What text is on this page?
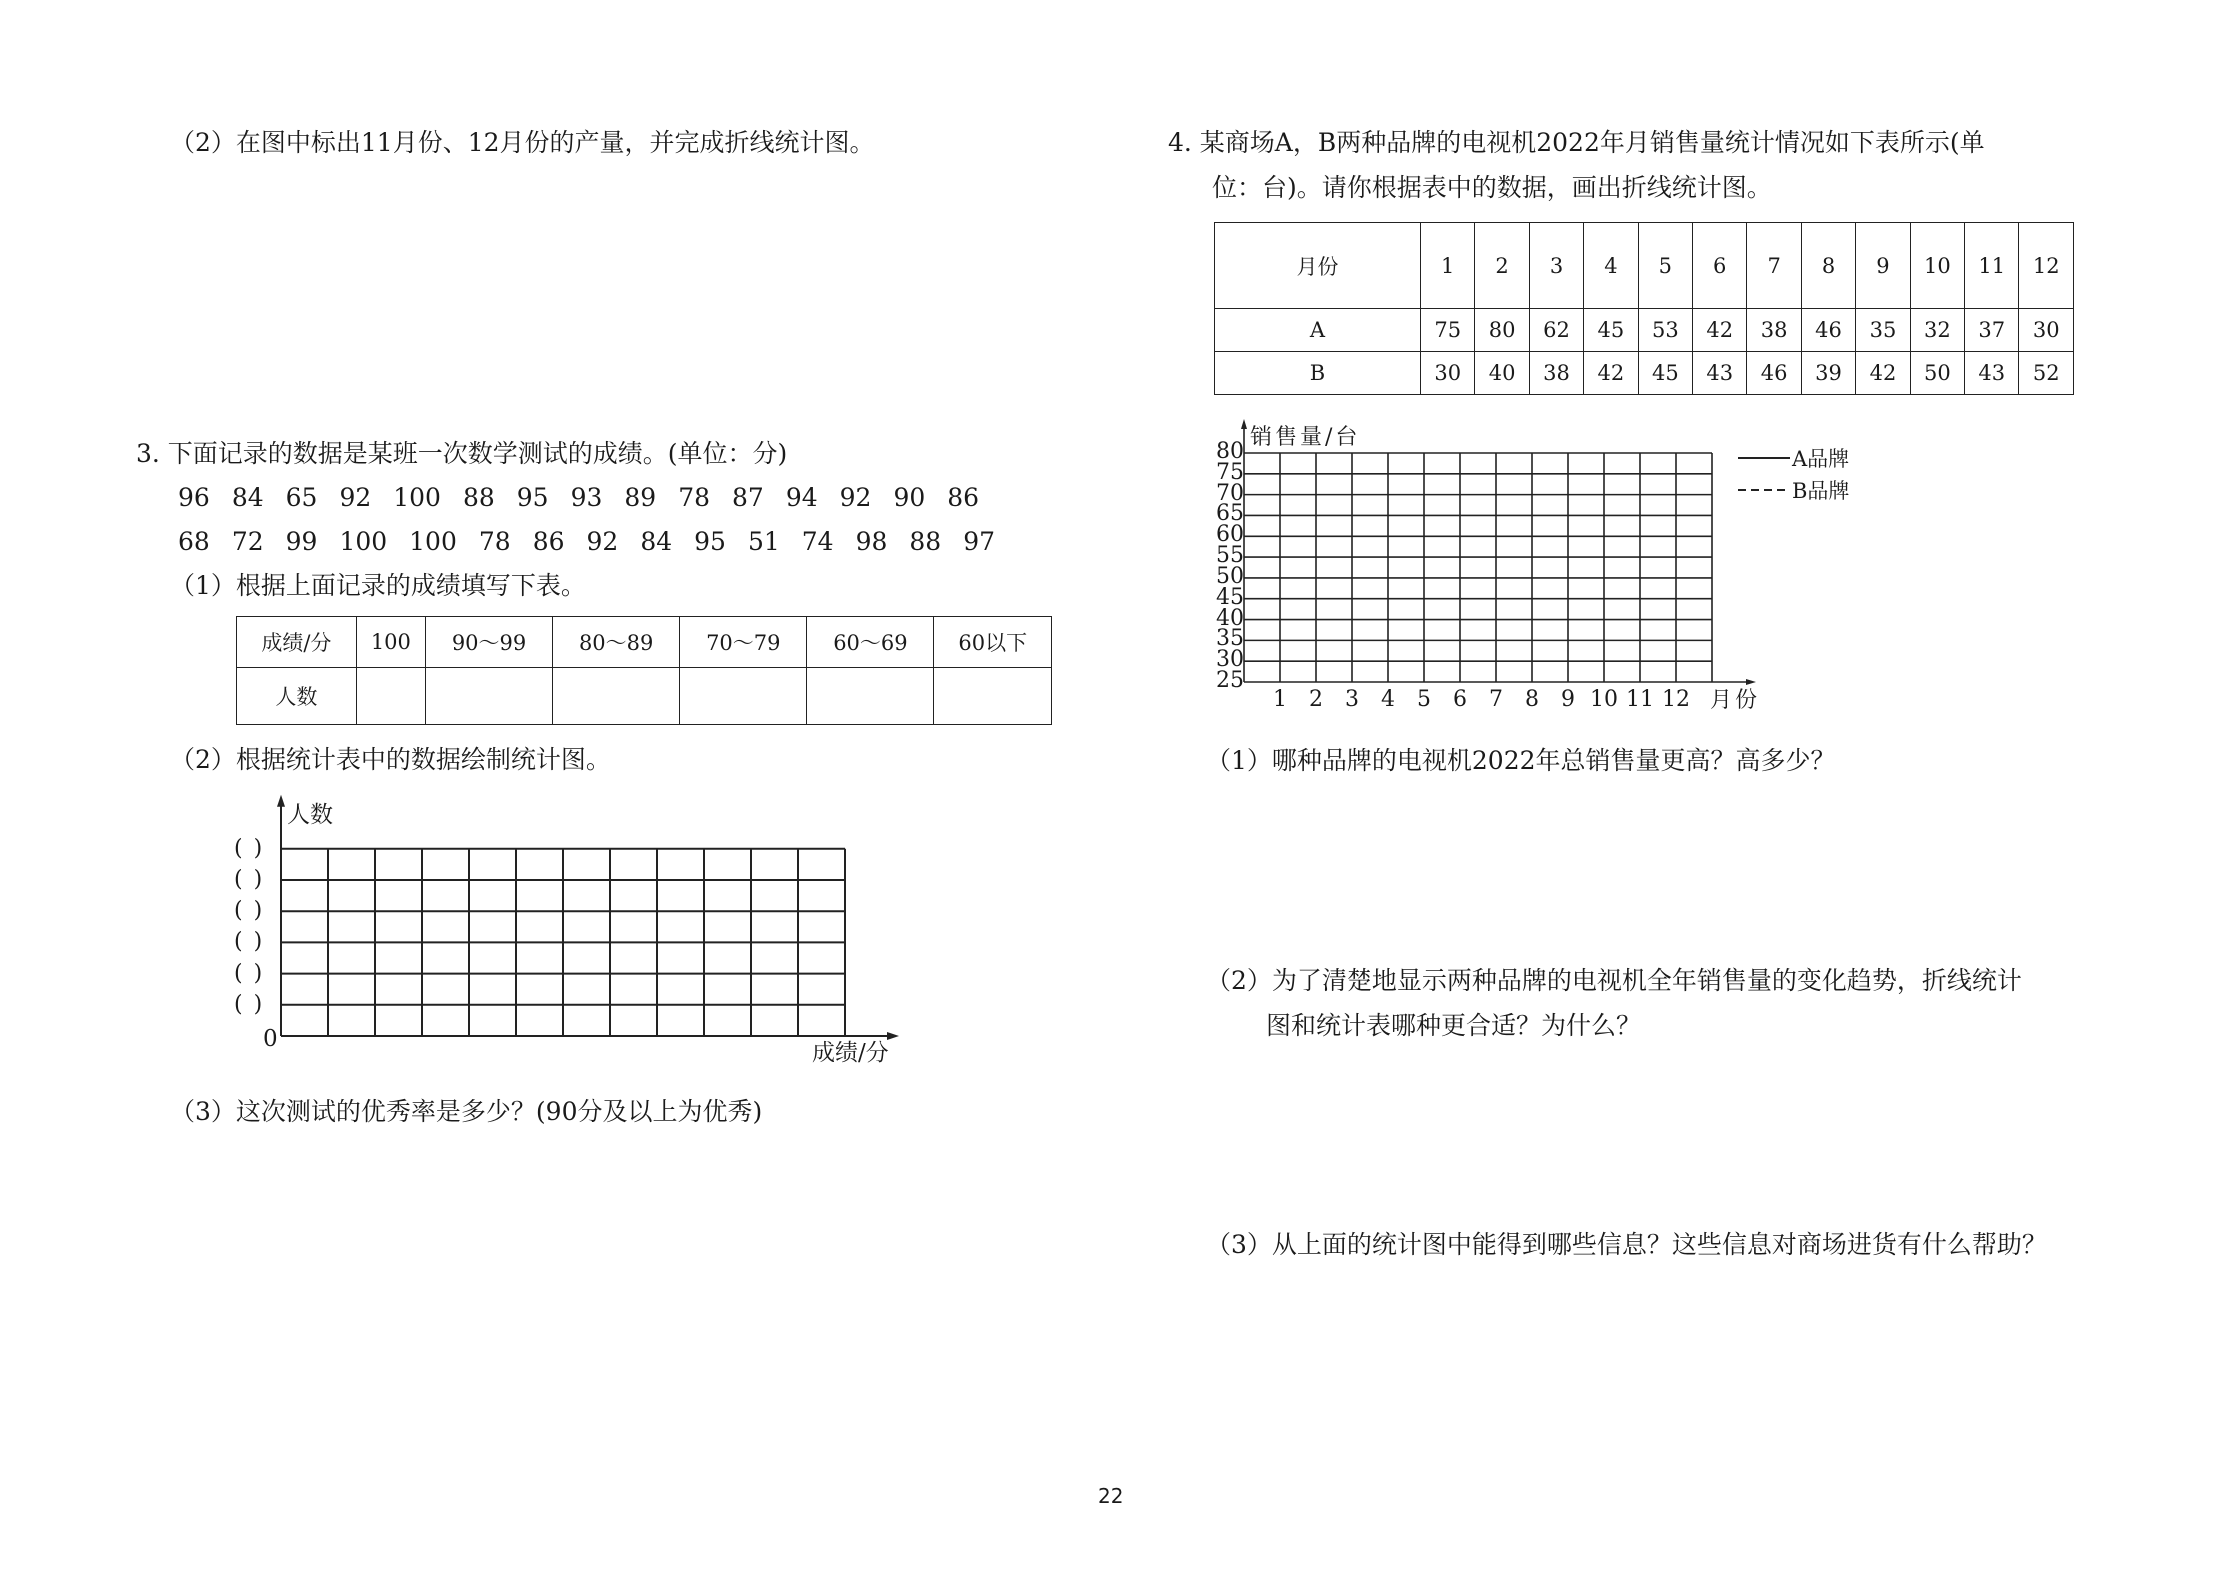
（2）在图中标出11月份、12月份的产量，并完成折线统计图。
3. 下面记录的数据是某班一次数学测试的成绩。(单位：分)
96 84 65 92 100 88 95 93 89 78 87 94 92 90 86
68 72 99 100 100 78 86 92 84 95 51 74 98 88 97
（1）根据上面记录的成绩填写下表。
成绩/分	100	90～99	80～89	70～79	60～69	60以下
人数						
（2）根据统计表中的数据绘制统计图。
人数
成绩/分
0
( )
( )
( )
( )
( )
( )
（3）这次测试的优秀率是多少？(90分及以上为优秀)
4. 某商场A，B两种品牌的电视机2022年月销售量统计情况如下表所示(单
位：台)。请你根据表中的数据，画出折线统计图。
月份	1	2	3	4	5	6	7	8	9	10	11	12
A	75	80	62	45	53	42	38	46	35	32	37	30
B	30	40	38	42	45	43	46	39	42	50	43	52
销售量/台
月份
80
75
70
65
60
55
50
45
40
35
30
25
1	2	3	4	5	6	7	8	9 10 11 12
A品牌
B品牌
（1）哪种品牌的电视机2022年总销售量更高？高多少？
（2）为了清楚地显示两种品牌的电视机全年销售量的变化趋势，折线统计
图和统计表哪种更合适？为什么？
（3）从上面的统计图中能得到哪些信息？这些信息对商场进货有什么帮助？
22
